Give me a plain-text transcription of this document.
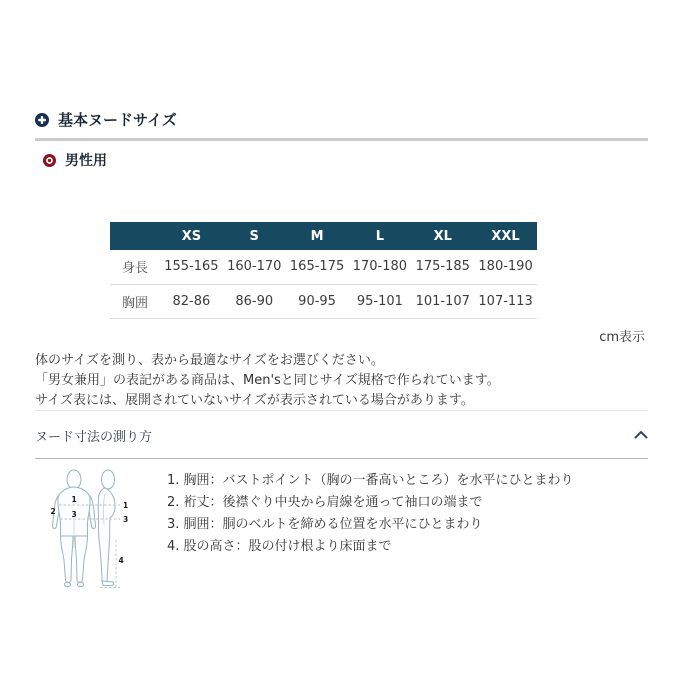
基本ヌードサイズ
男性用
	XS	S	M	L	XL	XXL
身長	155-165	160-170	165-175	170-180	175-185	180-190
胸囲	82-86	86-90	90-95	95-101	101-107	107-113
cm表示
体のサイズを測り、表から最適なサイズをお選びください。
「男女兼用」の表記がある商品は、Men'sと同じサイズ規格で作られています。
サイズ表には、展開されていないサイズが表示されている場合があります。
ヌード寸法の測り方
1
2 3
1
3
4
1. 胸囲：バストポイント（胸の一番高いところ）を水平にひとまわり
2. 裄丈：後襟ぐり中央から肩線を通って袖口の端まで
3. 胴囲：胴のベルトを締める位置を水平にひとまわり
4. 股の高さ：股の付け根より床面まで
